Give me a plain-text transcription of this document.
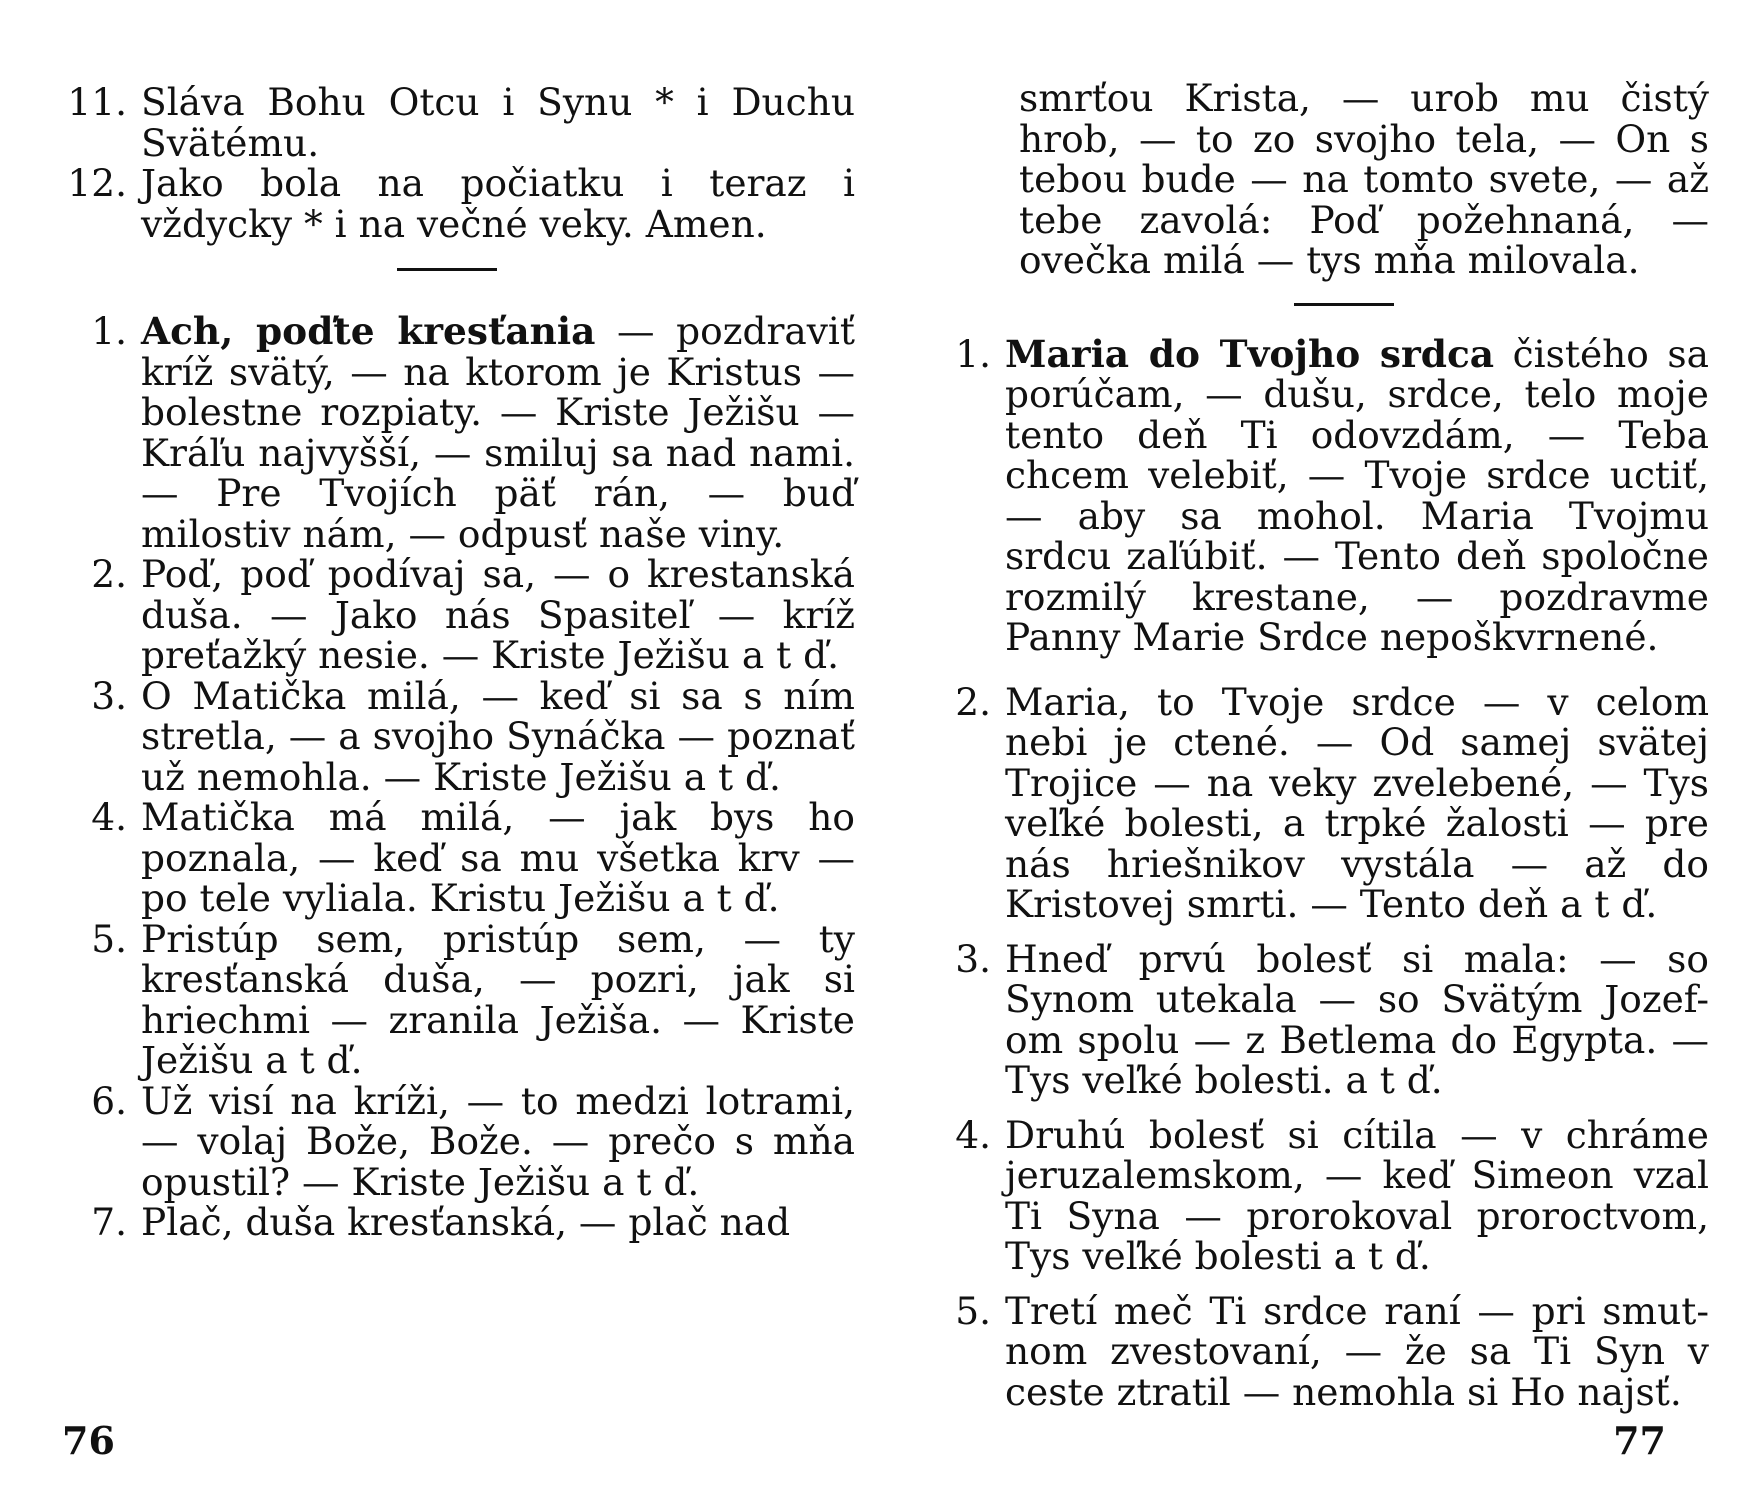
11. Sláva Bohu Otcu i Synu * i Duchu Svätému.
12. Jako bola na počiatku i teraz i vždycky * i na večné veky. Amen.
1. Ach, poďte kresťania — pozdraviť kríž svätý, — na ktorom je Kristus — bolestne rozpiaty. — Kriste Ježišu — Kráľu najvyšší, — smiluj sa nad nami. — Pre Tvojích päť rán, — buď milostiv nám, — odpusť naše viny.
2. Poď, poď podívaj sa, — o krestanská duša. — Jako nás Spasiteľ — kríž preťažký nesie. — Kriste Ježišu a t ď.
3. O Matička milá, — keď si sa s ním stretla, — a svojho Synáčka — poznať už nemohla. — Kriste Ježišu a t ď.
4. Matička má milá, — jak bys ho poznala, — keď sa mu všetka krv — po tele vyliala. Kristu Ježišu a t ď.
5. Pristúp sem, pristúp sem, — ty kresťanská duša, — pozri, jak si hriechmi — zranila Ježiša. — Kriste Ježišu a t ď.
6. Už visí na kríži, — to medzi lotrami, — volaj Bože, Bože. — prečo s mňa opustil? — Kriste Ježišu a t ď.
7. Plač, duša kresťanská, — plač nad
76
smrťou Krista, — urob mu čistý hrob, — to zo svojho tela, — On s tebou bude — na tomto svete, — až tebe zavolá: Poď požehnaná, — ovečka milá — tys mňa milovala.
1. Maria do Tvojho srdca čistého sa porúčam, — dušu, srdce, telo moje tento deň Ti odovzdám, — Teba chcem velebiť, — Tvoje srdce uctiť, — aby sa mohol. Maria Tvojmu srdcu zaľúbiť. — Tento deň spoločne rozmilý krestane, — pozdravme Panny Marie Srdce nepoškvrnené.
2. Maria, to Tvoje srdce — v celom nebi je ctené. — Od samej svätej Trojice — na veky zvelebené, — Tys veľké bolesti, a trpké žalosti — pre nás hriešnikov vystála — až do Kristovej smrti. — Tento deň a t ď.
3. Hneď prvú bolesť si mala: — so Synom utekala — so Svätým Jozef- om spolu — z Betlema do Egypta. — Tys veľké bolesti. a t ď.
4. Druhú bolesť si cítila — v chráme jeruzalemskom, — keď Simeon vzal Ti Syna — prorokoval proroctvom, Tys veľké bolesti a t ď.
5. Tretí meč Ti srdce raní — pri smut- nom zvestovaní, — že sa Ti Syn v ceste ztratil — nemohla si Ho najsť.
77
